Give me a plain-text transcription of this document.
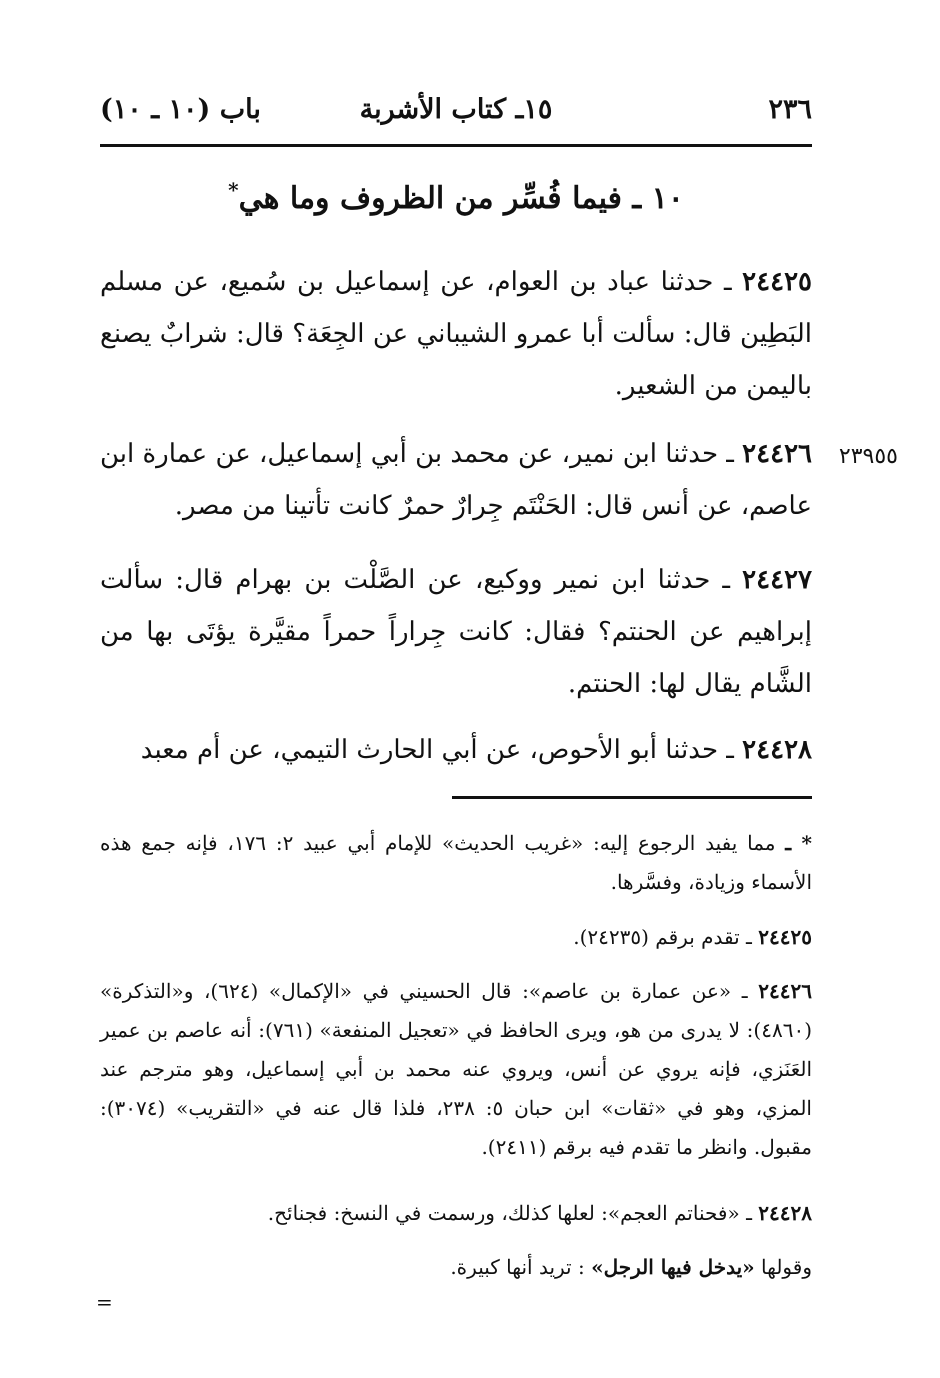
٢٣٦
١٥ـ كتاب الأشربة
باب (١٠ ـ ١٠)
١٠ ـ فيما فُسِّر من الظروف وما هي*
٢٤٤٢٥ ـ حدثنا عباد بن العوام، عن إسماعيل بن سُميع، عن مسلم البَطِين قال: سألت أبا عمرو الشيباني عن الجِعَة؟ قال: شرابٌ يصنع باليمن من الشعير.
٢٣٩٥٥
٢٤٤٢٦ ـ حدثنا ابن نمير، عن محمد بن أبي إسماعيل، عن عمارة ابن عاصم، عن أنس قال: الحَنْتَم جِرارٌ حمرٌ كانت تأتينا من مصر.
٢٤٤٢٧ ـ حدثنا ابن نمير ووكيع، عن الصَّلْت بن بهرام قال: سألت إبراهيم عن الحنتم؟ فقال: كانت جِراراً حمراً مقيَّرة يؤتَى بها من الشَّام يقال لها: الحنتم.
٢٤٤٢٨ ـ حدثنا أبو الأحوص، عن أبي الحارث التيمي، عن أم معبد
* ـ مما يفيد الرجوع إليه: «غريب الحديث» للإمام أبي عبيد ٢: ١٧٦، فإنه جمع هذه الأسماء وزيادة، وفسَّرها.
٢٤٤٢٥ ـ تقدم برقم (٢٤٢٣٥).
٢٤٤٢٦ ـ «عن عمارة بن عاصم»: قال الحسيني في «الإكمال» (٦٢٤)، و«التذكرة» (٤٨٦٠): لا يدرى من هو، ويرى الحافظ في «تعجيل المنفعة» (٧٦١): أنه عاصم بن عمير العَنَزي، فإنه يروي عن أنس، ويروي عنه محمد بن أبي إسماعيل، وهو مترجم عند المزي، وهو في «ثقات» ابن حبان ٥: ٢٣٨، فلذا قال عنه في «التقريب» (٣٠٧٤): مقبول. وانظر ما تقدم فيه برقم (٢٤١١).
٢٤٤٢٨ ـ «فحناتم العجم»: لعلها كذلك، ورسمت في النسخ: فجنائح.
وقولها «يدخل فيها الرجل» : تريد أنها كبيرة.
=
